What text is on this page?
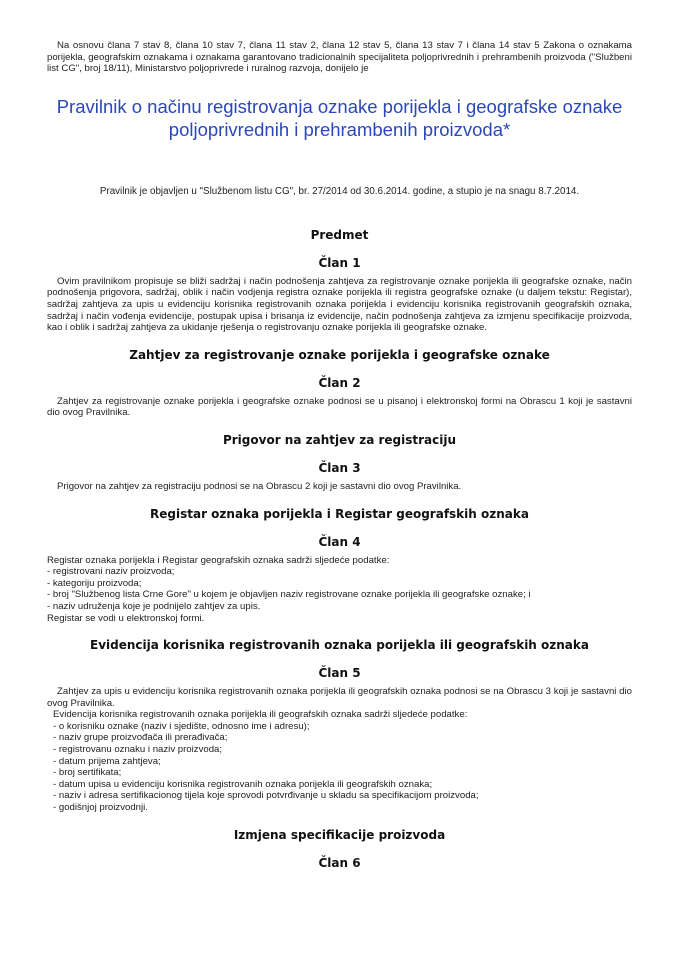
Na osnovu člana 7 stav 8, člana 10 stav 7, člana 11 stav 2, člana 12 stav 5, člana 13 stav 7 i člana 14 stav 5 Zakona o oznakama porijekla, geografskim oznakama i oznakama garantovano tradicionalnih specijaliteta poljoprivrednih i prehrambenih proizvoda ("Službeni list CG", broj 18/11), Ministarstvo poljoprivrede i ruralnog razvoja, donijelo je

Pravilnik o načinu registrovanja oznake porijekla i geografske oznake
poljoprivrednih i prehrambenih proizvoda*
Pravilnik je objavljen u "Službenom listu CG", br. 27/2014 od 30.6.2014. godine, a stupio je na snagu 8.7.2014.
Predmet
Član 1

Ovim pravilnikom propisuje se bliži sadržaj i način podnošenja zahtjeva za registrovanje oznake porijekla ili geografske oznake, način podnošenja prigovora, sadržaj, oblik i način vodjenja registra oznake porijekla ili registra geografske oznake (u daljem tekstu: Registar), sadržaj zahtjeva za upis u evidenciju korisnika registrovanih oznaka porijekla i evidenciju korisnika registrovanih geografskih oznaka, sadržaj i način vođenja evidencije, postupak upisa i brisanja iz evidencije, način podnošenja zahtjeva za izmjenu specifikacije proizvoda, kao i oblik i sadržaj zahtjeva za ukidanje rješenja o registrovanju oznake porijekla ili geografske oznake.

Zahtjev za registrovanje oznake porijekla i geografske oznake
Član 2

Zahtjev za registrovanje oznake porijekla i geografske oznake podnosi se u pisanoj i elektronskoj formi na Obrascu 1 koji je sastavni dio ovog Pravilnika.

Prigovor na zahtjev za registraciju
Član 3

Prigovor na zahtjev za registraciju podnosi se na Obrascu 2 koji je sastavni dio ovog Pravilnika.

Registar oznaka porijekla i Registar geografskih oznaka
Član 4

Registar oznaka porijekla i Registar geografskih oznaka sadrži sljedeće podatke:

- registrovani naziv proizvoda;

- kategoriju proizvoda;

- broj "Službenog lista Crne Gore" u kojem je objavljen naziv registrovane oznake porijekla ili geografske oznake; i

- naziv udruženja koje je podnijelo zahtjev za upis.

Registar se vodi u elektronskoj formi.

Evidencija korisnika registrovanih oznaka porijekla ili geografskih oznaka
Član 5

Zahtjev za upis u evidenciju korisnika registrovanih oznaka porijekla ili geografskih oznaka podnosi se na Obrascu 3 koji je sastavni dio ovog Pravilnika.

Evidencija korisnika registrovanih oznaka porijekla ili geografskih oznaka sadrži sljedeće podatke:

- o korisniku oznake (naziv i sjedište, odnosno ime i adresu);

- naziv grupe proizvođača ili prerađivača;

- registrovanu oznaku i naziv proizvoda;

- datum prijema zahtjeva;

- broj sertifikata;

- datum upisa u evidenciju korisnika registrovanih oznaka porijekla ili geografskih oznaka;

- naziv i adresa sertifikacionog tijela koje sprovodi potvrđivanje u skladu sa specifikacijom proizvoda;

- godišnjoj proizvodnji.

Izmjena specifikacije proizvoda
Član 6
